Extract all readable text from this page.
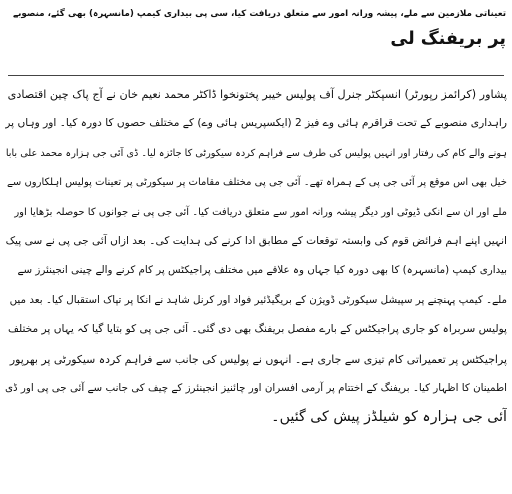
تعیناتی ملازمین سے ملے، پیشہ ورانہ امور سے متعلق دریافت کیا، سی پی بیداری کیمپ (مانسہرہ) بھی گئے، منصوبے
پر بریفنگ لی
پشاور (کرائمز رپورٹر) انسپکٹر جنرل آف پولیس خیبر پختونخوا ڈاکٹر محمد نعیم خان نے آج پاک چین اقتصادی
راہداری منصوبے کے تحت قراقرم ہائی وے فیز 2 (ایکسپریس ہائی وے) کے مختلف حصوں کا دورہ کیا۔ اور وہاں پر
ہونے والے کام کی رفتار اور انہیں پولیس کی طرف سے فراہم کردہ سیکورٹی کا جائزہ لیا۔ ڈی آئی جی ہزارہ محمد علی بابا
خیل بھی اس موقع پر آئی جی پی کے ہمراہ تھے۔ آئی جی پی مختلف مقامات پر سیکورٹی پر تعینات پولیس اہلکاروں سے
ملے اور ان سے انکی ڈیوٹی اور دیگر پیشہ ورانہ امور سے متعلق دریافت کیا۔ آئی جی پی نے جوانوں کا حوصلہ بڑھایا اور
انہیں اپنے اہم فرائض قوم کی وابستہ توقعات کے مطابق ادا کرنے کی ہدایت کی۔ بعد ازاں آئی جی پی نے سی پیک
بیداری کیمپ (مانسہرہ) کا بھی دورہ کیا جہاں وہ علاقے میں مختلف پراجیکٹس پر کام کرنے والے چینی انجینئرز سے
ملے۔ کیمپ پہنچنے پر سپیشل سیکورٹی ڈویژن کے بریگیڈئیر فواد اور کرنل شاہد نے انکا پر تپاک استقبال کیا۔ بعد میں
پولیس سربراہ کو جاری پراجیکٹس کے بارے مفصل بریفنگ بھی دی گئی۔ آئی جی پی کو بتایا گیا کہ یہاں پر مختلف
پراجیکٹس پر تعمیراتی کام تیزی سے جاری ہے۔ انہوں نے پولیس کی جانب سے فراہم کردہ سیکورٹی پر بھرپور
اطمینان کا اظہار کیا۔ بریفنگ کے اختتام پر آرمی افسران اور چائنیز انجینئرز کے چیف کی جانب سے آئی جی پی اور ڈی
آئی جی ہزارہ کو شیلڈز پیش کی گئیں۔
